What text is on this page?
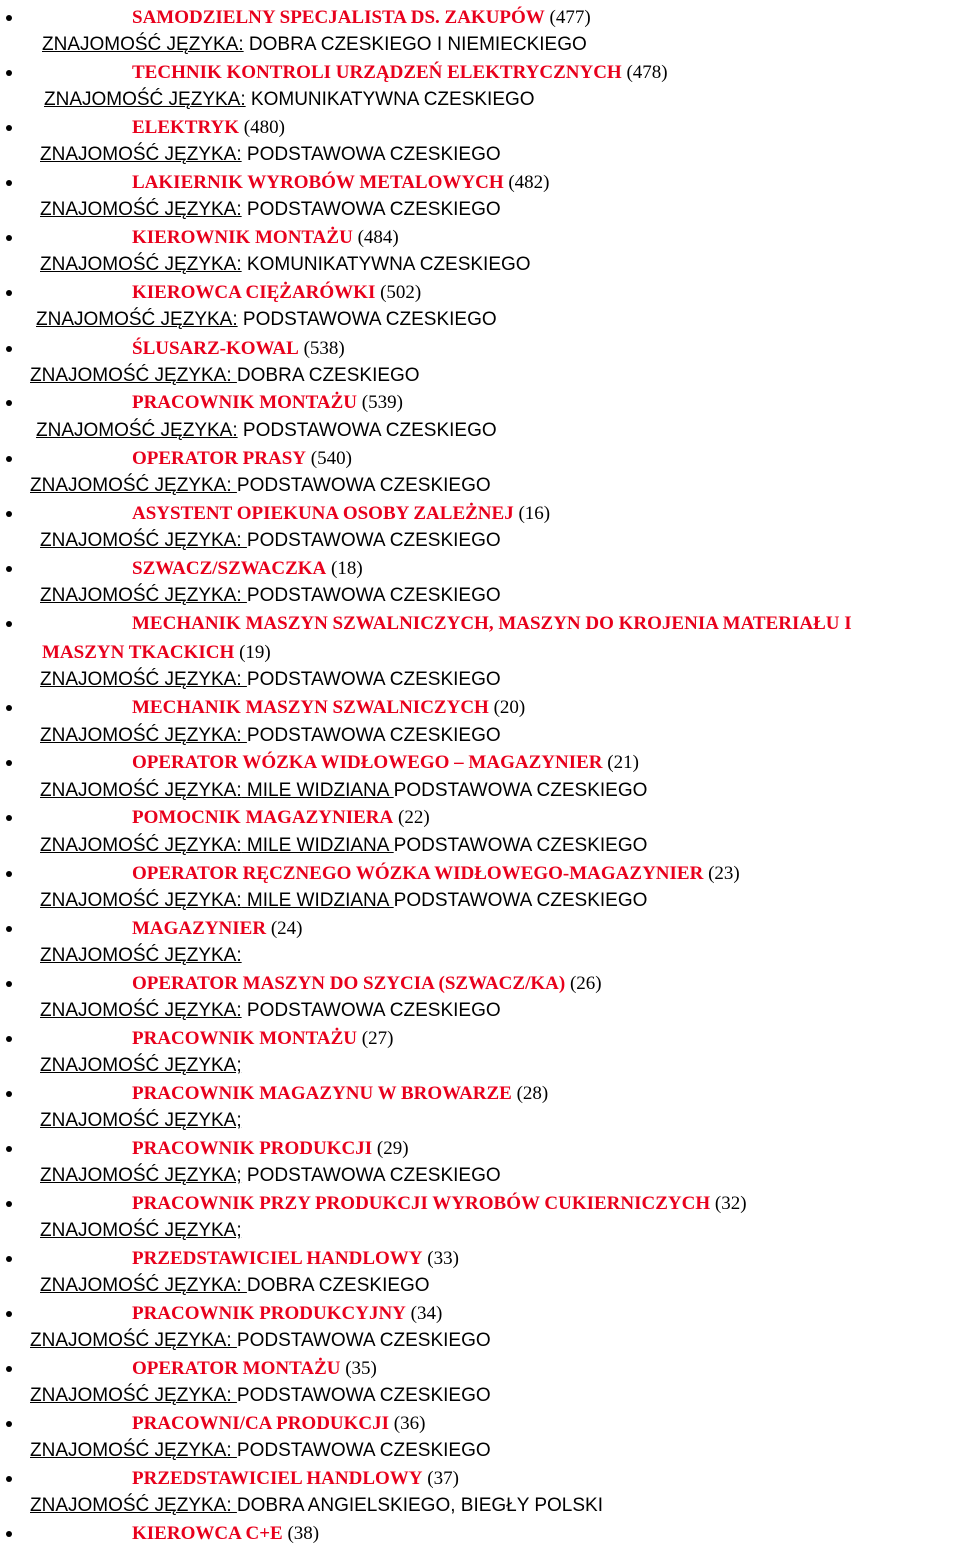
SAMODZIELNY SPECJALISTA DS. ZAKUPÓW (477)
ZNAJOMOŚĆ JĘZYKA: DOBRA CZESKIEGO I NIEMIECKIEGO
TECHNIK KONTROLI URZĄDZEŃ ELEKTRYCZNYCH (478)
ZNAJOMOŚĆ JĘZYKA: KOMUNIKATYWNA CZESKIEGO
ELEKTRYK (480)
ZNAJOMOŚĆ JĘZYKA: PODSTAWOWA CZESKIEGO
LAKIERNIK WYROBÓW METALOWYCH (482)
ZNAJOMOŚĆ JĘZYKA: PODSTAWOWA CZESKIEGO
KIEROWNIK MONTAŻU (484)
ZNAJOMOŚĆ JĘZYKA: KOMUNIKATYWNA CZESKIEGO
KIEROWCA CIĘŻARÓWKI (502)
ZNAJOMOŚĆ JĘZYKA: PODSTAWOWA CZESKIEGO
ŚLUSARZ-KOWAL (538)
ZNAJOMOŚĆ JĘZYKA: DOBRA CZESKIEGO
PRACOWNIK MONTAŻU (539)
ZNAJOMOŚĆ JĘZYKA: PODSTAWOWA CZESKIEGO
OPERATOR PRASY (540)
ZNAJOMOŚĆ JĘZYKA: PODSTAWOWA CZESKIEGO
ASYSTENT OPIEKUNA OSOBY ZALEŻNEJ (16)
ZNAJOMOŚĆ JĘZYKA: PODSTAWOWA CZESKIEGO
SZWACZ/SZWACZKA (18)
ZNAJOMOŚĆ JĘZYKA: PODSTAWOWA CZESKIEGO
MECHANIK MASZYN SZWALNICZYCH, MASZYN DO KROJENIA MATERIAŁU I
MASZYN TKACKICH (19)
ZNAJOMOŚĆ JĘZYKA: PODSTAWOWA CZESKIEGO
MECHANIK MASZYN SZWALNICZYCH (20)
ZNAJOMOŚĆ JĘZYKA: PODSTAWOWA CZESKIEGO
OPERATOR WÓZKA WIDŁOWEGO – MAGAZYNIER (21)
ZNAJOMOŚĆ JĘZYKA: MILE WIDZIANA PODSTAWOWA CZESKIEGO
POMOCNIK MAGAZYNIERA (22)
ZNAJOMOŚĆ JĘZYKA: MILE WIDZIANA PODSTAWOWA CZESKIEGO
OPERATOR RĘCZNEGO WÓZKA WIDŁOWEGO-MAGAZYNIER (23)
ZNAJOMOŚĆ JĘZYKA: MILE WIDZIANA PODSTAWOWA CZESKIEGO
MAGAZYNIER (24)
ZNAJOMOŚĆ JĘZYKA:
OPERATOR MASZYN DO SZYCIA (SZWACZ/KA) (26)
ZNAJOMOŚĆ JĘZYKA: PODSTAWOWA CZESKIEGO
PRACOWNIK MONTAŻU (27)
ZNAJOMOŚĆ JĘZYKA;
PRACOWNIK MAGAZYNU W BROWARZE (28)
ZNAJOMOŚĆ JĘZYKA;
PRACOWNIK PRODUKCJI (29)
ZNAJOMOŚĆ JĘZYKA; PODSTAWOWA CZESKIEGO
PRACOWNIK PRZY PRODUKCJI WYROBÓW CUKIERNICZYCH (32)
ZNAJOMOŚĆ JĘZYKA;
PRZEDSTAWICIEL HANDLOWY (33)
ZNAJOMOŚĆ JĘZYKA: DOBRA CZESKIEGO
PRACOWNIK PRODUKCYJNY (34)
ZNAJOMOŚĆ JĘZYKA: PODSTAWOWA CZESKIEGO
OPERATOR MONTAŻU (35)
ZNAJOMOŚĆ JĘZYKA: PODSTAWOWA CZESKIEGO
PRACOWNI/CA PRODUKCJI (36)
ZNAJOMOŚĆ JĘZYKA: PODSTAWOWA CZESKIEGO
PRZEDSTAWICIEL HANDLOWY (37)
ZNAJOMOŚĆ JĘZYKA: DOBRA ANGIELSKIEGO, BIEGŁY POLSKI
KIEROWCA C+E (38)
